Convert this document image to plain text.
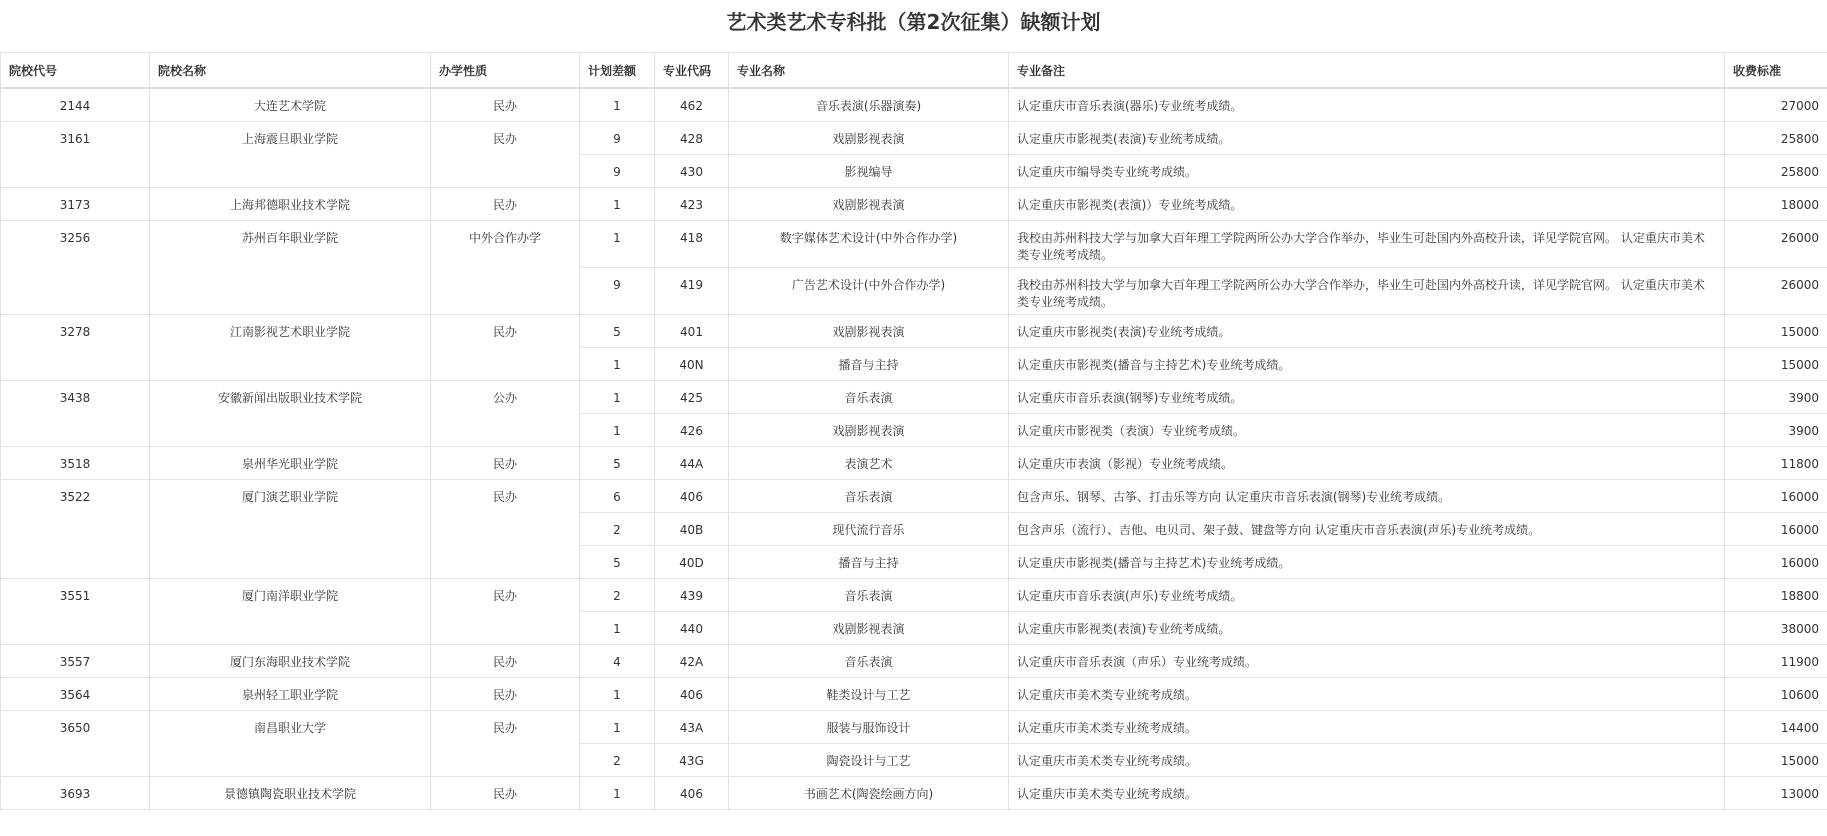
艺术类艺术专科批（第2次征集）缺额计划
院校代号	院校名称	办学性质	计划差额	专业代码	专业名称	专业备注	收费标准
2144	大连艺术学院	民办	1	462	音乐表演(乐器演奏)	认定重庆市音乐表演(器乐)专业统考成绩。	27000
3161	上海震旦职业学院	民办	9	428	戏剧影视表演	认定重庆市影视类(表演)专业统考成绩。	25800
			9	430	影视编导	认定重庆市编导类专业统考成绩。	25800
3173	上海邦德职业技术学院	民办	1	423	戏剧影视表演	认定重庆市影视类(表演)）专业统考成绩。	18000
3256	苏州百年职业学院	中外合作办学	1	418	数字媒体艺术设计(中外合作办学)	我校由苏州科技大学与加拿大百年理工学院两所公办大学合作举办，毕业生可赴国内外高校升读，详见学院官网。 认定重庆市美术类专业统考成绩。	26000
			9	419	广告艺术设计(中外合作办学)	我校由苏州科技大学与加拿大百年理工学院两所公办大学合作举办，毕业生可赴国内外高校升读，详见学院官网。 认定重庆市美术类专业统考成绩。	26000
3278	江南影视艺术职业学院	民办	5	401	戏剧影视表演	认定重庆市影视类(表演)专业统考成绩。	15000
			1	40N	播音与主持	认定重庆市影视类(播音与主持艺术)专业统考成绩。	15000
3438	安徽新闻出版职业技术学院	公办	1	425	音乐表演	认定重庆市音乐表演(钢琴)专业统考成绩。	3900
			1	426	戏剧影视表演	认定重庆市影视类（表演）专业统考成绩。	3900
3518	泉州华光职业学院	民办	5	44A	表演艺术	认定重庆市表演（影视）专业统考成绩。	11800
3522	厦门演艺职业学院	民办	6	406	音乐表演	包含声乐、钢琴、古筝、打击乐等方向 认定重庆市音乐表演(钢琴)专业统考成绩。	16000
			2	40B	现代流行音乐	包含声乐（流行）、吉他、电贝司、架子鼓、键盘等方向 认定重庆市音乐表演(声乐)专业统考成绩。	16000
			5	40D	播音与主持	认定重庆市影视类(播音与主持艺术)专业统考成绩。	16000
3551	厦门南洋职业学院	民办	2	439	音乐表演	认定重庆市音乐表演(声乐)专业统考成绩。	18800
			1	440	戏剧影视表演	认定重庆市影视类(表演)专业统考成绩。	38000
3557	厦门东海职业技术学院	民办	4	42A	音乐表演	认定重庆市音乐表演（声乐）专业统考成绩。	11900
3564	泉州轻工职业学院	民办	1	406	鞋类设计与工艺	认定重庆市美术类专业统考成绩。	10600
3650	南昌职业大学	民办	1	43A	服装与服饰设计	认定重庆市美术类专业统考成绩。	14400
			2	43G	陶瓷设计与工艺	认定重庆市美术类专业统考成绩。	15000
3693	景德镇陶瓷职业技术学院	民办	1	406	书画艺术(陶瓷绘画方向)	认定重庆市美术类专业统考成绩。	13000
